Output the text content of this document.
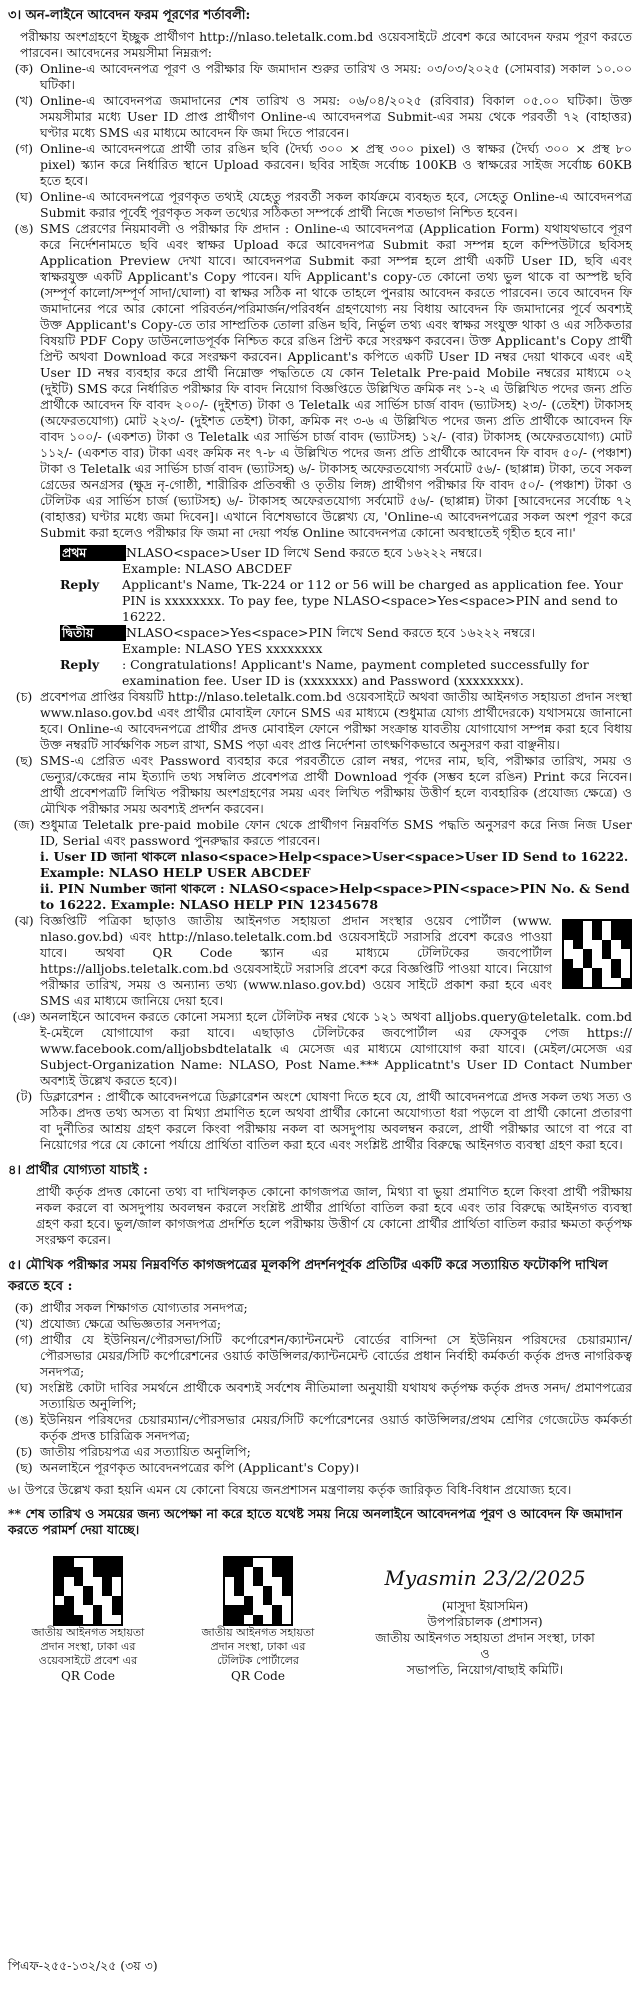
৩। অন-লাইনে আবেদন ফরম পূরণের শর্তাবলী:
পরীক্ষায় অংশগ্রহণে ইচ্ছুক প্রার্থীগণ http://nlaso.teletalk.com.bd ওয়েবসাইটে প্রবেশ করে আবেদন ফরম পূরণ করতে পারবেন। আবেদনের সময়সীমা নিম্নরূপ:
(ক) Online-এ আবেদনপত্র পূরণ ও পরীক্ষার ফি জমাদান শুরুর তারিখ ও সময়: ০৩/০৩/২০২৫ (সোমবার) সকাল ১০.০০ ঘটিকা।
(খ) Online-এ আবেদনপত্র জমাদানের শেষ তারিখ ও সময়: ০৬/০৪/২০২৫ (রবিবার) বিকাল ০৫.০০ ঘটিকা। উক্ত সময়সীমার মধ্যে User ID প্রাপ্ত প্রার্থীগণ Online-এ আবেদনপত্র Submit-এর সময় থেকে পরবর্তী ৭২ (বাহাত্তর) ঘণ্টার মধ্যে SMS এর মাধ্যমে আবেদন ফি জমা দিতে পারবেন।
(গ) Online-এ আবেদনপত্রে প্রার্থী তার রঙিন ছবি (দৈর্ঘ্য ৩০০ × প্রস্থ ৩০০ pixel) ও স্বাক্ষর (দৈর্ঘ্য ৩০০ × প্রস্থ ৮০ pixel) স্ক্যান করে নির্ধারিত স্থানে Upload করবেন। ছবির সাইজ সর্বোচ্চ 100KB ও স্বাক্ষরের সাইজ সর্বোচ্চ 60KB হতে হবে।
(ঘ) Online-এ আবেদনপত্রে পূরণকৃত তথ্যই যেহেতু পরবর্তী সকল কার্যক্রমে ব্যবহৃত হবে, সেহেতু Online-এ আবেদনপত্র Submit করার পূর্বেই পূরণকৃত সকল তথ্যের সঠিকতা সম্পর্কে প্রার্থী নিজে শতভাগ নিশ্চিত হবেন।
(ঙ) SMS প্রেরণের নিয়মাবলী ও পরীক্ষার ফি প্রদান : Online-এ আবেদনপত্র (Application Form) যথাযথভাবে পূরণ করে নির্দেশনামতে ছবি এবং স্বাক্ষর Upload করে আবেদনপত্র Submit করা সম্পন্ন হলে কম্পিউটারে ছবিসহ Application Preview দেখা যাবে। আবেদনপত্র Submit করা সম্পন্ন হলে প্রার্থী একটি User ID, ছবি এবং স্বাক্ষরযুক্ত একটি Applicant's Copy পাবেন। যদি Applicant's copy-তে কোনো তথ্য ভুল থাকে বা অস্পষ্ট ছবি (সম্পূর্ণ কালো/সম্পূর্ণ সাদা/ঘোলা) বা স্বাক্ষর সঠিক না থাকে তাহলে পুনরায় আবেদন করতে পারবেন। তবে আবেদন ফি জমাদানের পরে আর কোনো পরিবর্তন/পরিমার্জন/পরিবর্ধন গ্রহণযোগ্য নয় বিধায় আবেদন ফি জমাদানের পূর্বে অবশ্যই উক্ত Applicant's Copy-তে তার সাম্প্রতিক তোলা রঙিন ছবি, নির্ভুল তথ্য এবং স্বাক্ষর সংযুক্ত থাকা ও এর সঠিকতার বিষয়টি PDF Copy ডাউনলোডপূর্বক নিশ্চিত করে রঙিন প্রিন্ট করে সংরক্ষণ করবেন। উক্ত Applicant's Copy প্রার্থী প্রিন্ট অথবা Download করে সংরক্ষণ করবেন। Applicant's কপিতে একটি User ID নম্বর দেয়া থাকবে এবং এই User ID নম্বর ব্যবহার করে প্রার্থী নিম্নোক্ত পদ্ধতিতে যে কোন Teletalk Pre-paid Mobile নম্বরের মাধ্যমে ০২ (দুইটি) SMS করে নির্ধারিত পরীক্ষার ফি বাবদ নিয়োগ বিজ্ঞপ্তিতে উল্লিখিত ক্রমিক নং ১-২ এ উল্লিখিত পদের জন্য প্রতি প্রার্থীকে আবেদন ফি বাবদ ২০০/- (দুইশত) টাকা ও Teletalk এর সার্ভিস চার্জ বাবদ (ভ্যাটসহ) ২৩/- (তেইশ) টাকাসহ (অফেরতযোগ্য) মোট ২২৩/- (দুইশত তেইশ) টাকা, ক্রমিক নং ৩-৬ এ উল্লিখিত পদের জন্য প্রতি প্রার্থীকে আবেদন ফি বাবদ ১০০/- (একশত) টাকা ও Teletalk এর সার্ভিস চার্জ বাবদ (ভ্যাটসহ) ১২/- (বার) টাকাসহ (অফেরতযোগ্য) মোট ১১২/- (একশত বার) টাকা এবং ক্রমিক নং ৭-৮ এ উল্লিখিত পদের জন্য প্রতি প্রার্থীকে আবেদন ফি বাবদ ৫০/- (পঞ্চাশ) টাকা ও Teletalk এর সার্ভিস চার্জ বাবদ (ভ্যাটসহ) ৬/- টাকাসহ অফেরতযোগ্য সর্বমোট ৫৬/- (ছাপ্পান্ন) টাকা, তবে সকল গ্রেডের অনগ্রসর (ক্ষুদ্র নৃ-গোষ্ঠী, শারীরিক প্রতিবন্ধী ও তৃতীয় লিঙ্গ) প্রার্থীগণ পরীক্ষার ফি বাবদ ৫০/- (পঞ্চাশ) টাকা ও টেলিটক এর সার্ভিস চার্জ (ভ্যাটসহ) ৬/- টাকাসহ অফেরতযোগ্য সর্বমোট ৫৬/- (ছাপ্পান্ন) টাকা [আবেদনের সর্বোচ্চ ৭২ (বাহাত্তর) ঘণ্টার মধ্যে জমা দিবেন]। এখানে বিশেষভাবে উল্লেখ্য যে, 'Online-এ আবেদনপত্রের সকল অংশ পূরণ করে Submit করা হলেও পরীক্ষার ফি জমা না দেয়া পর্যন্ত Online আবেদনপত্র কোনো অবস্থাতেই গৃহীত হবে না।'
প্রথম SMS:
NLASO<space>User ID লিখে Send করতে হবে ১৬২২২ নম্বরে।
Example: NLASO ABCDEF
Reply	Applicant's Name, Tk-224 or 112 or 56 will be charged as application fee. Your PIN is xxxxxxxx. To pay fee, type NLASO<space>Yes<space>PIN and send to 16222.
দ্বিতীয় SMS:
NLASO<space>Yes<space>PIN লিখে Send করতে হবে ১৬২২২ নম্বরে।
Example: NLASO YES xxxxxxxx
Reply	: Congratulations! Applicant's Name, payment completed successfully for examination fee. User ID is (xxxxxxx) and Password (xxxxxxxx).
(চ) প্রবেশপত্র প্রাপ্তির বিষয়টি http://nlaso.teletalk.com.bd ওয়েবসাইটে অথবা জাতীয় আইনগত সহায়তা প্রদান সংস্থা www.nlaso.gov.bd এবং প্রার্থীর মোবাইল ফোনে SMS এর মাধ্যমে (শুধুমাত্র যোগ্য প্রার্থীদেরকে) যথাসময়ে জানানো হবে। Online-এ আবেদনপত্রে প্রার্থীর প্রদত্ত মোবাইল ফোনে পরীক্ষা সংক্রান্ত যাবতীয় যোগাযোগ সম্পন্ন করা হবে বিধায় উক্ত নম্বরটি সার্বক্ষণিক সচল রাখা, SMS পড়া এবং প্রাপ্ত নির্দেশনা তাৎক্ষণিকভাবে অনুসরণ করা বাঞ্ছনীয়।
(ছ) SMS-এ প্রেরিত এবং Password ব্যবহার করে পরবর্তীতে রোল নম্বর, পদের নাম, ছবি, পরীক্ষার তারিখ, সময় ও ভেন্যুর/কেন্দ্রের নাম ইত্যাদি তথ্য সম্বলিত প্রবেশপত্র প্রার্থী Download পূর্বক (সম্ভব হলে রঙিন) Print করে নিবেন। প্রার্থী প্রবেশপত্রটি লিখিত পরীক্ষায় অংশগ্রহণের সময় এবং লিখিত পরীক্ষায় উত্তীর্ণ হলে ব্যবহারিক (প্রযোজ্য ক্ষেত্রে) ও মৌখিক পরীক্ষার সময় অবশ্যই প্রদর্শন করবেন।
(জ) শুধুমাত্র Teletalk pre-paid mobile ফোন থেকে প্রার্থীগণ নিম্নবর্ণিত SMS পদ্ধতি অনুসরণ করে নিজ নিজ User ID, Serial এবং password পুনরুদ্ধার করতে পারবেন।
i. User ID জানা থাকলে nlaso<space>Help<space>User<space>User ID Send to 16222. Example: NLASO HELP USER ABCDEF
ii. PIN Number জানা থাকলে : NLASO<space>Help<space>PIN<space>PIN No. & Send to 16222. Example: NLASO HELP PIN 12345678
(ঝ) বিজ্ঞপ্তিটি পত্রিকা ছাড়াও জাতীয় আইনগত সহায়তা প্রদান সংস্থার ওয়েব পোর্টাল (www. nlaso.gov.bd) এবং http://nlaso.teletalk.com.bd ওয়েবসাইটে সরাসরি প্রবেশ করেও পাওয়া যাবে। অথবা QR Code স্ক্যান এর মাধ্যমে টেলিটকের জবপোর্টাল https://alljobs.teletalk.com.bd ওয়েবসাইটে সরাসরি প্রবেশ করে বিজ্ঞপ্তিটি পাওয়া যাবে। নিয়োগ পরীক্ষার তারিখ, সময় ও অন্যান্য তথ্য (www.nlaso.gov.bd) ওয়েব সাইটে প্রকাশ করা হবে এবং SMS এর মাধ্যমে জানিয়ে দেয়া হবে।
(ঞ) অনলাইনে আবেদন করতে কোনো সমস্যা হলে টেলিটক নম্বর থেকে ১২১ অথবা alljobs.query@teletalk. com.bd ই-মেইলে যোগাযোগ করা যাবে। এছাড়াও টেলিটকের জবপোর্টাল এর ফেসবুক পেজ https:// www.facebook.com/alljobsbdtelatalk এ মেসেজ এর মাধ্যমে যোগাযোগ করা যাবে। (মেইল/মেসেজ এর Subject-Organization Name: NLASO, Post Name.*** Applicatnt's User ID Contact Number অবশ্যই উল্লেখ করতে হবে)।
(ট) ডিক্লারেশন : প্রার্থীকে আবেদনপত্রে ডিক্লারেশন অংশে ঘোষণা দিতে হবে যে, প্রার্থী আবেদনপত্রে প্রদত্ত সকল তথ্য সত্য ও সঠিক। প্রদত্ত তথ্য অসত্য বা মিথ্যা প্রমাণিত হলে অথবা প্রার্থীর কোনো অযোগ্যতা ধরা পড়লে বা প্রার্থী কোনো প্রতারণা বা দুর্নীতির আশ্রয় গ্রহণ করলে কিংবা পরীক্ষায় নকল বা অসদুপায় অবলম্বন করলে, প্রার্থী পরীক্ষার আগে বা পরে বা নিয়োগের পরে যে কোনো পর্যায়ে প্রার্থিতা বাতিল করা হবে এবং সংশ্লিষ্ট প্রার্থীর বিরুদ্ধে আইনগত ব্যবস্থা গ্রহণ করা হবে।
৪। প্রার্থীর যোগ্যতা যাচাই :
প্রার্থী কর্তৃক প্রদত্ত কোনো তথ্য বা দাখিলকৃত কোনো কাগজপত্র জাল, মিথ্যা বা ভুয়া প্রমাণিত হলে কিংবা প্রার্থী পরীক্ষায় নকল করলে বা অসদুপায় অবলম্বন করলে সংশ্লিষ্ট প্রার্থীর প্রার্থিতা বাতিল করা হবে এবং তার বিরুদ্ধে আইনগত ব্যবস্থা গ্রহণ করা হবে। ভুল/জাল কাগজপত্র প্রদর্শিত হলে পরীক্ষায় উত্তীর্ণ যে কোনো প্রার্থীর প্রার্থিতা বাতিল করার ক্ষমতা কর্তৃপক্ষ সংরক্ষণ করেন।
৫। মৌখিক পরীক্ষার সময় নিম্নবর্ণিত কাগজপত্রের মূলকপি প্রদর্শনপূর্বক প্রতিটির একটি করে সত্যায়িত ফটোকপি দাখিল করতে হবে :
(ক) প্রার্থীর সকল শিক্ষাগত যোগ্যতার সনদপত্র;
(খ) প্রযোজ্য ক্ষেত্রে অভিজ্ঞতার সনদপত্র;
(গ) প্রার্থীর যে ইউনিয়ন/পৌরসভা/সিটি কর্পোরেশন/ক্যান্টনমেন্ট বোর্ডের বাসিন্দা সে ইউনিয়ন পরিষদের চেয়ারম্যান/ পৌরসভার মেয়র/সিটি কর্পোরেশনের ওয়ার্ড কাউন্সিলর/ক্যান্টনমেন্ট বোর্ডের প্রধান নির্বাহী কর্মকর্তা কর্তৃক প্রদত্ত নাগরিকত্ব সনদপত্র;
(ঘ) সংশ্লিষ্ট কোটা দাবির সমর্থনে প্রার্থীকে অবশ্যই সর্বশেষ নীতিমালা অনুযায়ী যথাযথ কর্তৃপক্ষ কর্তৃক প্রদত্ত সনদ/ প্রমাণপত্রের সত্যায়িত অনুলিপি;
(ঙ) ইউনিয়ন পরিষদের চেয়ারম্যান/পৌরসভার মেয়র/সিটি কর্পোরেশনের ওয়ার্ড কাউন্সিলর/প্রথম শ্রেণির গেজেটেড কর্মকর্তা কর্তৃক প্রদত্ত চারিত্রিক সনদপত্র;
(চ) জাতীয় পরিচয়পত্র এর সত্যায়িত অনুলিপি;
(ছ) অনলাইনে পূরণকৃত আবেদনপত্রের কপি (Applicant's Copy)।
৬। উপরে উল্লেখ করা হয়নি এমন যে কোনো বিষয়ে জনপ্রশাসন মন্ত্রণালয় কর্তৃক জারিকৃত বিধি-বিধান প্রযোজ্য হবে।
** শেষ তারিখ ও সময়ের জন্য অপেক্ষা না করে হাতে যথেষ্ট সময় নিয়ে অনলাইনে আবেদনপত্র পূরণ ও আবেদন ফি জমাদান করতে পরামর্শ দেয়া যাচ্ছে।
জাতীয় আইনগত সহায়তা প্রদান সংস্থা, ঢাকা এর
ওয়েবসাইটে প্রবেশ এর
QR Code
জাতীয় আইনগত সহায়তা প্রদান সংস্থা, ঢাকা এর
টেলিটক পোর্টালের
QR Code
Myasmin 23/2/2025
(মাসুদা ইয়াসমিন)
উপপরিচালক (প্রশাসন)
জাতীয় আইনগত সহায়তা প্রদান সংস্থা, ঢাকা
ও
সভাপতি, নিয়োগ/বাছাই কমিটি।
পিএফ-২৫৫-১৩২/২৫ (৩য় ৩)
